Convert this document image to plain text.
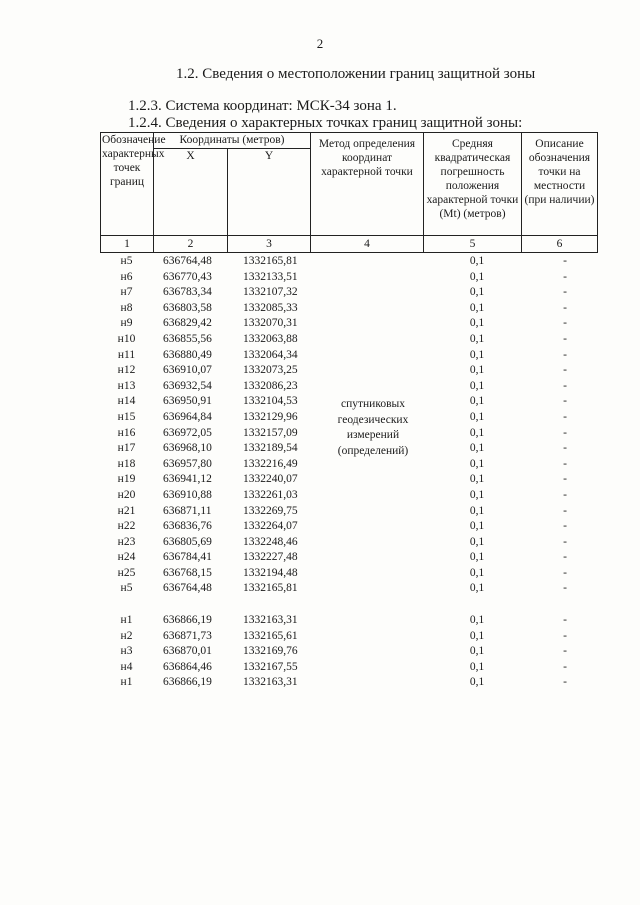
2
1.2. Сведения о местоположении границ защитной зоны
1.2.3. Система координат: МСК-34 зона 1.
1.2.4. Сведения о характерных точках границ защитной зоны:
Обозначение характерных точек границ	Координаты (метров)		Метод определения координат характерной точки	Средняя квадратическая погрешность положения характерной точки (Mt) (метров)	Описание обозначения точки на местности (при наличии)
	X	Y			
1	2	3	4	5	6
н5	636764,48	1332165,81		0,1	-
н6	636770,43	1332133,51		0,1	-
н7	636783,34	1332107,32		0,1	-
н8	636803,58	1332085,33		0,1	-
н9	636829,42	1332070,31		0,1	-
н10	636855,56	1332063,88		0,1	-
н11	636880,49	1332064,34		0,1	-
н12	636910,07	1332073,25		0,1	-
н13	636932,54	1332086,23		0,1	-
н14	636950,91	1332104,53		0,1	-
н15	636964,84	1332129,96		0,1	-
н16	636972,05	1332157,09		0,1	-
н17	636968,10	1332189,54		0,1	-
н18	636957,80	1332216,49		0,1	-
н19	636941,12	1332240,07		0,1	-
н20	636910,88	1332261,03		0,1	-
н21	636871,11	1332269,75		0,1	-
н22	636836,76	1332264,07		0,1	-
н23	636805,69	1332248,46		0,1	-
н24	636784,41	1332227,48		0,1	-
н25	636768,15	1332194,48		0,1	-
н5	636764,48	1332165,81		0,1	-

н1	636866,19	1332163,31		0,1	-
н2	636871,73	1332165,61		0,1	-
н3	636870,01	1332169,76		0,1	-
н4	636864,46	1332167,55		0,1	-
н1	636866,19	1332163,31		0,1	-
спутниковых геодезических измерений (определений)
